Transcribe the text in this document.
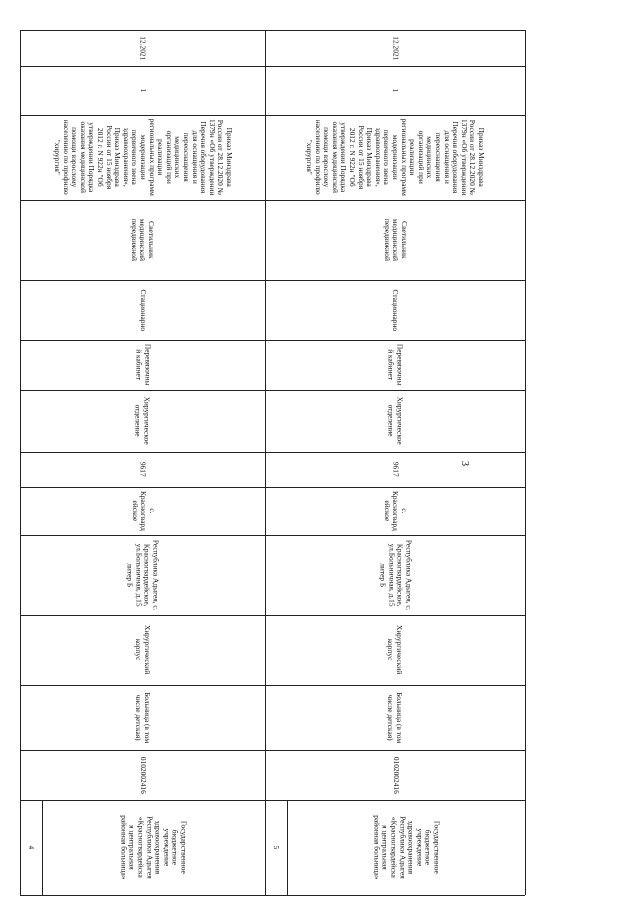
3
12.2021
1
Приказ Минздрава
России от 28.12.2020 №
1379н «Об утверждении
Перечня оборудования
для оснащения и
переоснащения
медицинских
организаций при
реализации
региональных программ
модернизации
первичного звена
здравоохранения»,
Приказ Минздрава
России от 15 ноября
2012 г. N 922н "Об
утверждении Порядка
оказания медицинской
помощи взрослому
населению по профилю
"хирургия"
Светильник
медицинский
передвижной
Стационарно
Перевязочны
й кабинет
Хирургическое
отделение
9617
с.
Красногвард
ейское
Республика Адыгея, с.
Красногвардейское,
ул.Больничная, д.15
литер Б
Хирургический
корпус
Больница (в том
числе детская)
0102002416
Государственное
бюджетное
учреждение
здравоохранения
Республики Адыгея
«Красногвардейска
я центральная
районная больница»
4
12.2021
1
Приказ Минздрава
России от 28.12.2020 №
1379н «Об утверждении
Перечня оборудования
для оснащения и
переоснащения
медицинских
организаций при
реализации
региональных программ
модернизации
первичного звена
здравоохранения»,
Приказ Минздрава
России от 15 ноября
2012 г. N 922н "Об
утверждении Порядка
оказания медицинской
помощи взрослому
населению по профилю
"хирургия"
Светильник
медицинский
передвижной
Стационарно
Перевязочны
й кабинет
Хирургическое
отделение
9617
с.
Красногвард
ейское
Республика Адыгея, с.
Красногвардейское,
ул.Больничная, д.15
литер Б
Хирургический
корпус
Больница (в том
числе детская)
0102002416
Государственное
бюджетное
учреждение
здравоохранения
Республики Адыгея
«Красногвардейска
я центральная
районная больница»
5
